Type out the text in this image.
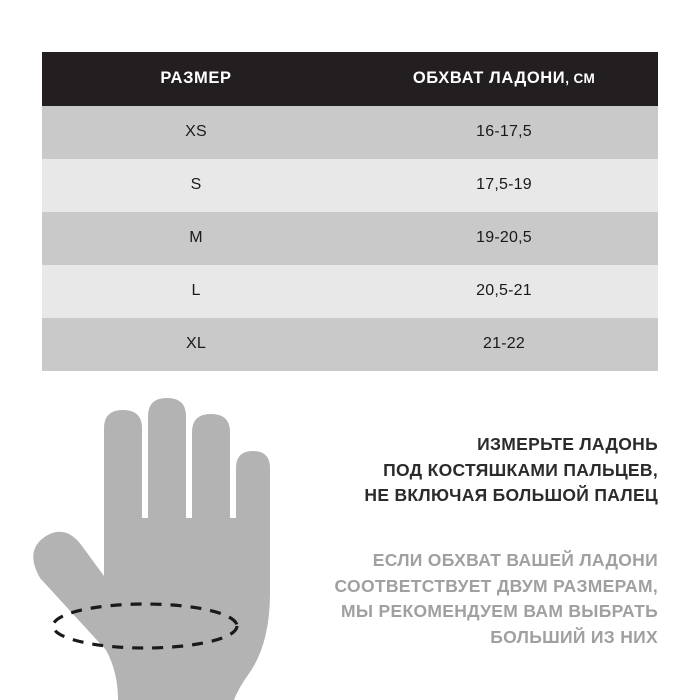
РАЗМЕР	ОБХВАТ ЛАДОНИ, СМ
XS	16-17,5
S	17,5-19
M	19-20,5
L	20,5-21
XL	21-22
ИЗМЕРЬТЕ ЛАДОНЬ
ПОД КОСТЯШКАМИ ПАЛЬЦЕВ,
НЕ ВКЛЮЧАЯ БОЛЬШОЙ ПАЛЕЦ
ЕСЛИ ОБХВАТ ВАШЕЙ ЛАДОНИ
СООТВЕТСТВУЕТ ДВУМ РАЗМЕРАМ,
МЫ РЕКОМЕНДУЕМ ВАМ ВЫБРАТЬ
БОЛЬШИЙ ИЗ НИХ
